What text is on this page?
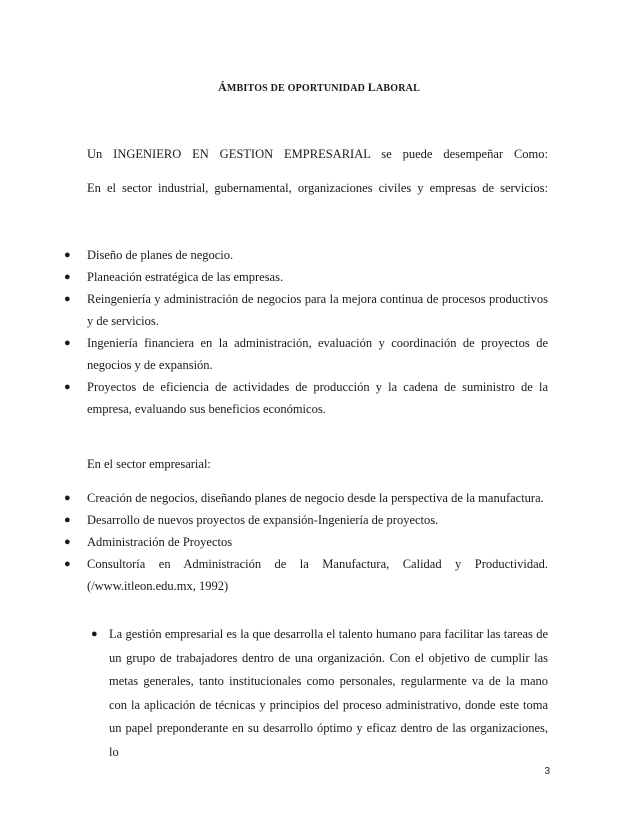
ÁMBITOS DE OPORTUNIDAD LABORAL
Un INGENIERO EN GESTION EMPRESARIAL se puede desempeñar Como:
En el sector industrial, gubernamental, organizaciones civiles y empresas de servicios:
● Diseño de planes de negocio.
● Planeación estratégica de las empresas.
● Reingeniería y administración de negocios para la mejora continua de procesos productivos y de servicios.
● Ingeniería financiera en la administración, evaluación y coordinación de proyectos de negocios y de expansión.
● Proyectos de eficiencia de actividades de producción y la cadena de suministro de la empresa, evaluando sus beneficios económicos.
En el sector empresarial:
● Creación de negocios, diseñando planes de negocio desde la perspectiva de la manufactura.
● Desarrollo de nuevos proyectos de expansión-Ingeniería de proyectos.
● Administración de Proyectos
● Consultoría en Administración de la Manufactura, Calidad y Productividad. (/www.itleon.edu.mx, 1992)
● La gestión empresarial es la que desarrolla el talento humano para facilitar las tareas de un grupo de trabajadores dentro de una organización. Con el objetivo de cumplir las metas generales, tanto institucionales como personales, regularmente va de la mano con la aplicación de técnicas y principios del proceso administrativo, donde este toma un papel preponderante en su desarrollo óptimo y eficaz dentro de las organizaciones, lo
3
